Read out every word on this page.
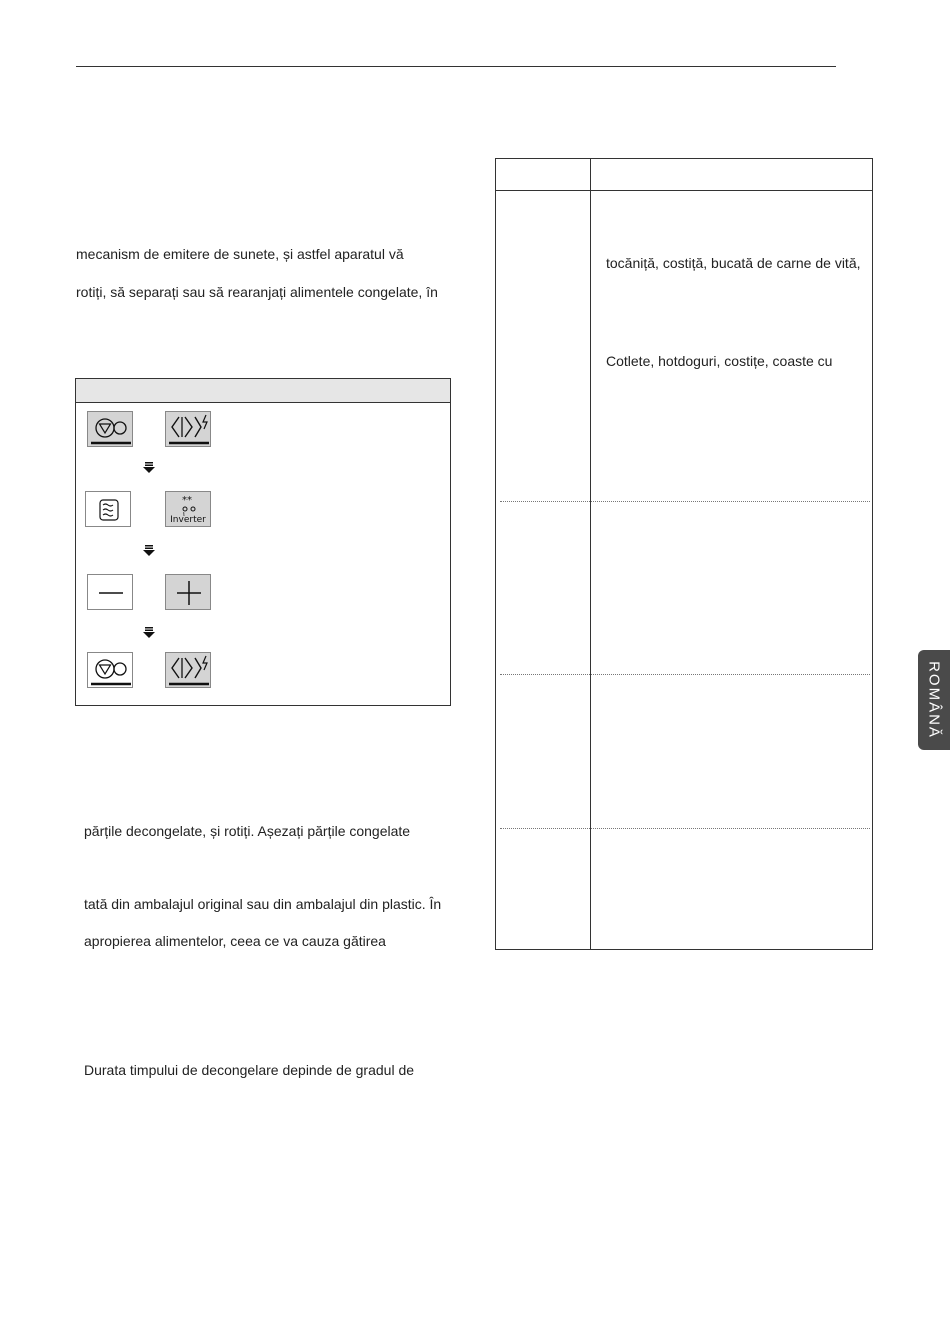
mecanism de emitere de sunete, și astfel aparatul vă
rotiți, să separați sau să rearanjați alimentele congelate, în
**
ٖ ٖ
Inverter
părțile decongelate, și rotiți. Așezați părțile congelate
tată din ambalajul original sau din ambalajul din plastic. În
apropierea alimentelor, ceea ce va cauza gătirea
Durata timpului de decongelare depinde de gradul de
tocăniță, costiță, bucată de carne de vită,
Cotlete, hotdoguri, costițe, coaste cu
ROMÂNĂ
